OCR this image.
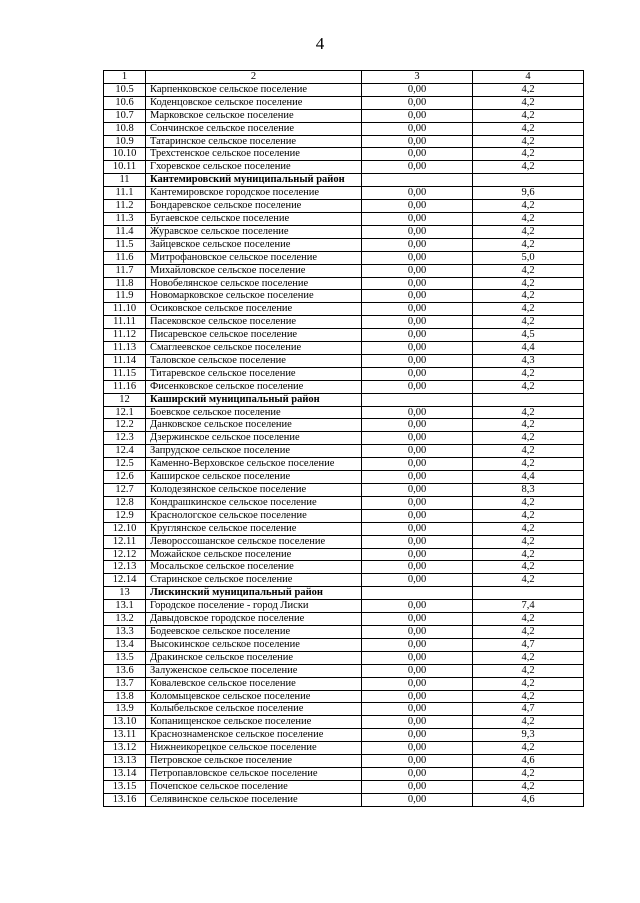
4
1	2	3	4
10.5	Карпенковское сельское поселение	0,00	4,2
10.6	Коденцовское сельское поселение	0,00	4,2
10.7	Марковское сельское поселение	0,00	4,2
10.8	Сончинское сельское поселение	0,00	4,2
10.9	Татаринское сельское поселение	0,00	4,2
10.10	Трехстенское сельское поселение	0,00	4,2
10.11	Гхоревское сельское поселение	0,00	4,2
11	Кантемировский муниципальный район		
11.1	Кантемировское городское поселение	0,00	9,6
11.2	Бондаревское сельское поселение	0,00	4,2
11.3	Бугаевское сельское поселение	0,00	4,2
11.4	Журавское сельское поселение	0,00	4,2
11.5	Зайцевское сельское поселение	0,00	4,2
11.6	Митрофановское сельское поселение	0,00	5,0
11.7	Михайловское сельское поселение	0,00	4,2
11.8	Новобелянское сельское поселение	0,00	4,2
11.9	Новомарковское сельское поселение	0,00	4,2
11.10	Осиковское сельское поселение	0,00	4,2
11.11	Пасековское сельское поселение	0,00	4,2
11.12	Писаревское сельское поселение	0,00	4,5
11.13	Смаглеевское сельское поселение	0,00	4,4
11.14	Таловское сельское поселение	0,00	4,3
11.15	Титаревское сельское поселение	0,00	4,2
11.16	Фисенковское сельское поселение	0,00	4,2
12	Каширский муниципальный район		
12.1	Боевское сельское поселение	0,00	4,2
12.2	Данковское сельское поселение	0,00	4,2
12.3	Дзержинское сельское поселение	0,00	4,2
12.4	Запрудское сельское поселение	0,00	4,2
12.5	Каменно-Верховское сельское поселение	0,00	4,2
12.6	Каширское сельское поселение	0,00	4,4
12.7	Колодезянское сельское поселение	0,00	8,3
12.8	Кондрашкинское сельское поселение	0,00	4,2
12.9	Краснологское сельское поселение	0,00	4,2
12.10	Круглянское сельское поселение	0,00	4,2
12.11	Левороссошанское сельское поселение	0,00	4,2
12.12	Можайское сельское поселение	0,00	4,2
12.13	Мосальское сельское поселение	0,00	4,2
12.14	Старинское сельское поселение	0,00	4,2
13	Лискинский муниципальный район		
13.1	Городское поселение - город Лиски	0,00	7,4
13.2	Давыдовское городское поселение	0,00	4,2
13.3	Бодеевское сельское поселение	0,00	4,2
13.4	Высокинское сельское поселение	0,00	4,7
13.5	Дракинское сельское поселение	0,00	4,2
13.6	Залуженское сельское поселение	0,00	4,2
13.7	Ковалевское сельское поселение	0,00	4,2
13.8	Коломыцевское сельское поселение	0,00	4,2
13.9	Колыбельское сельское поселение	0,00	4,7
13.10	Копанищенское сельское поселение	0,00	4,2
13.11	Краснознаменское сельское поселение	0,00	9,3
13.12	Нижнеикорецкое сельское поселение	0,00	4,2
13.13	Петровское сельское поселение	0,00	4,6
13.14	Петропавловское сельское поселение	0,00	4,2
13.15	Почепское сельское поселение	0,00	4,2
13.16	Селявинское сельское поселение	0,00	4,6
